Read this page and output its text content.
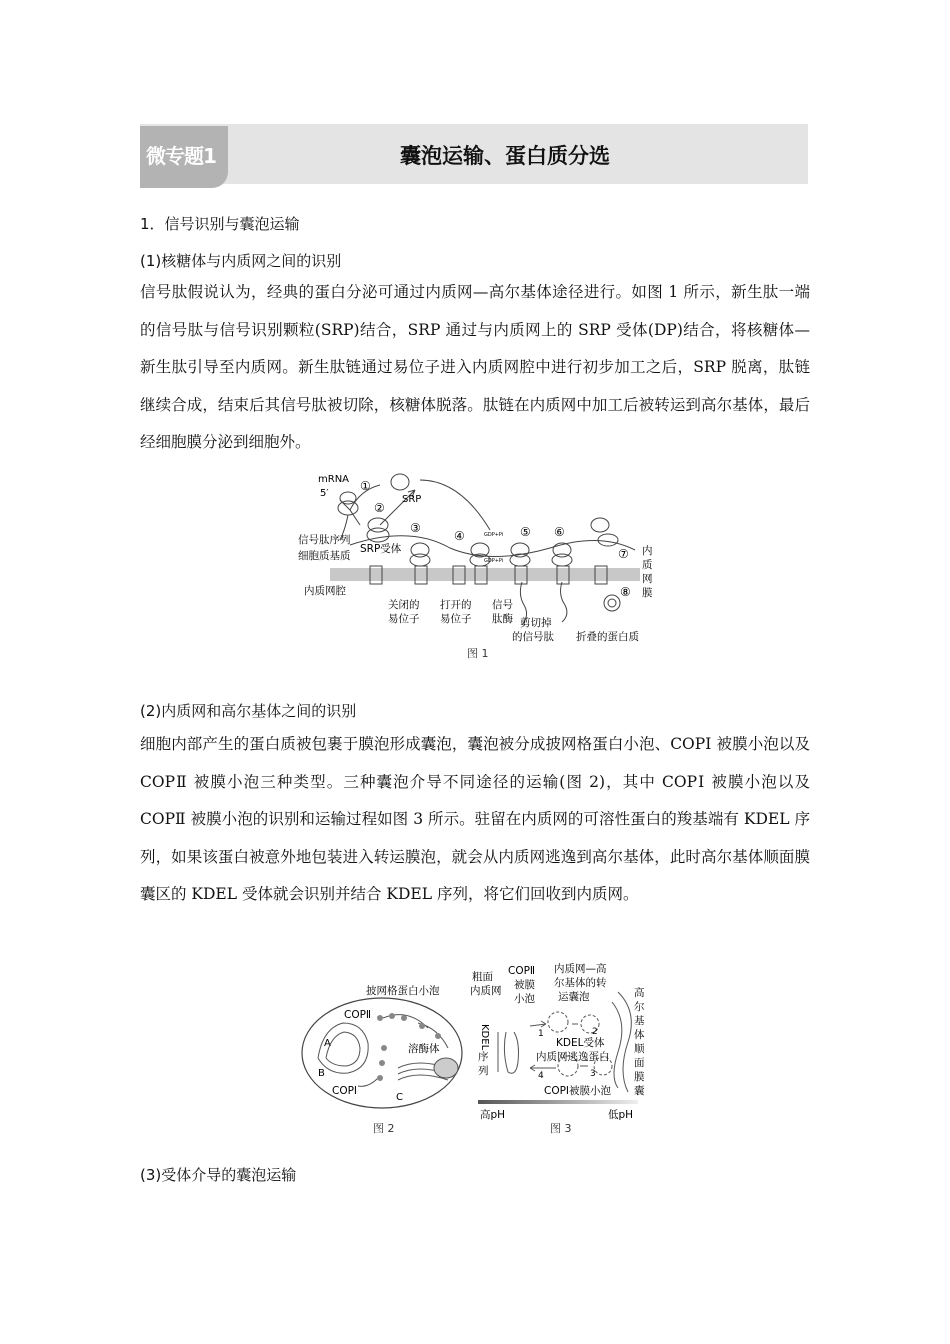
微专题1	囊泡运输、蛋白质分选
1．信号识别与囊泡运输
(1)核糖体与内质网之间的识别
信号肽假说认为，经典的蛋白分泌可通过内质网—高尔基体途径进行。如图 1 所示，新生肽一端的信号肽与信号识别颗粒(SRP)结合，SRP 通过与内质网上的 SRP 受体(DP)结合，将核糖体—新生肽引导至内质网。新生肽链通过易位子进入内质网腔中进行初步加工之后，SRP 脱离，肽链继续合成，结束后其信号肽被切除，核糖体脱落。肽链在内质网中加工后被转运到高尔基体，最后经细胞膜分泌到细胞外。
mRNA
5′
①
②
SRP
③
④	GDP+Pi
GDP+Pi
⑤ ⑥
⑦
⑧
信号肽序列
细胞质基质
SRP受体
内质网腔
关闭的
易位子
打开的
易位子
信号
肽酶 剪切掉
的信号肽 折叠的蛋白质
内
质
网
膜
图 1
(2)内质网和高尔基体之间的识别
细胞内部产生的蛋白质被包裹于膜泡形成囊泡，囊泡被分成披网格蛋白小泡、COPⅠ 被膜小泡以及 COPⅡ 被膜小泡三种类型。三种囊泡介导不同途径的运输(图 2)，其中 COPⅠ 被膜小泡以及 COPⅡ 被膜小泡的识别和运输过程如图 3 所示。驻留在内质网的可溶性蛋白的羧基端有 KDEL 序列，如果该蛋白被意外地包装进入转运膜泡，就会从内质网逃逸到高尔基体，此时高尔基体顺面膜囊区的 KDEL 受体就会识别并结合 KDEL 序列，将它们回收到内质网。
披网格蛋白小泡
COPⅡ
溶酶体
A
B
COPⅠ
C
图 2
粗面
内质网
COPⅡ
被膜
小泡
内质网—高
尔基体的转
运囊泡	高
尔
基
体
顺
面
膜
囊
KDEL
序
列
KDEL受体
内质网逃逸蛋白
COPⅠ被膜小泡
高pH	低pH
1	2
3
4
图 3
(3)受体介导的囊泡运输
